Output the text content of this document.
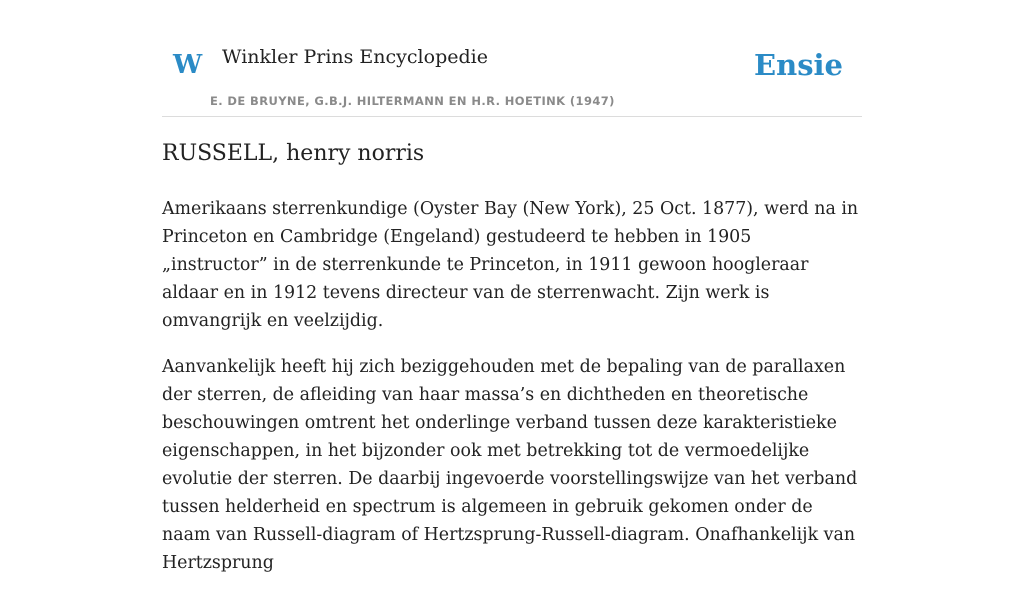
W Winkler Prins Encyclopedie
E. DE BRUYNE, G.B.J. HILTERMANN EN H.R. HOETINK (1947)
Ensie
RUSSELL, henry norris

Amerikaans sterrenkundige (Oyster Bay (New York), 25 Oct. 1877), werd na in Princeton en Cambridge (Engeland) gestudeerd te hebben in 1905 „instructor” in de sterrenkunde te Princeton, in 1911 gewoon hoogleraar aldaar en in 1912 tevens directeur van de sterrenwacht. Zijn werk is omvangrijk en veelzijdig.

Aanvankelijk heeft hij zich beziggehouden met de bepaling van de parallaxen der sterren, de afleiding van haar massa’s en dichtheden en theoretische beschouwingen omtrent het onderlinge verband tussen deze karakteristieke eigenschappen, in het bijzonder ook met betrekking tot de vermoedelijke evolutie der sterren. De daarbij ingevoerde voorstellingswijze van het verband tussen helderheid en spectrum is algemeen in gebruik gekomen onder de naam van Russell-diagram of Hertzsprung-Russell-diagram. Onafhankelijk van Hertzsprung
